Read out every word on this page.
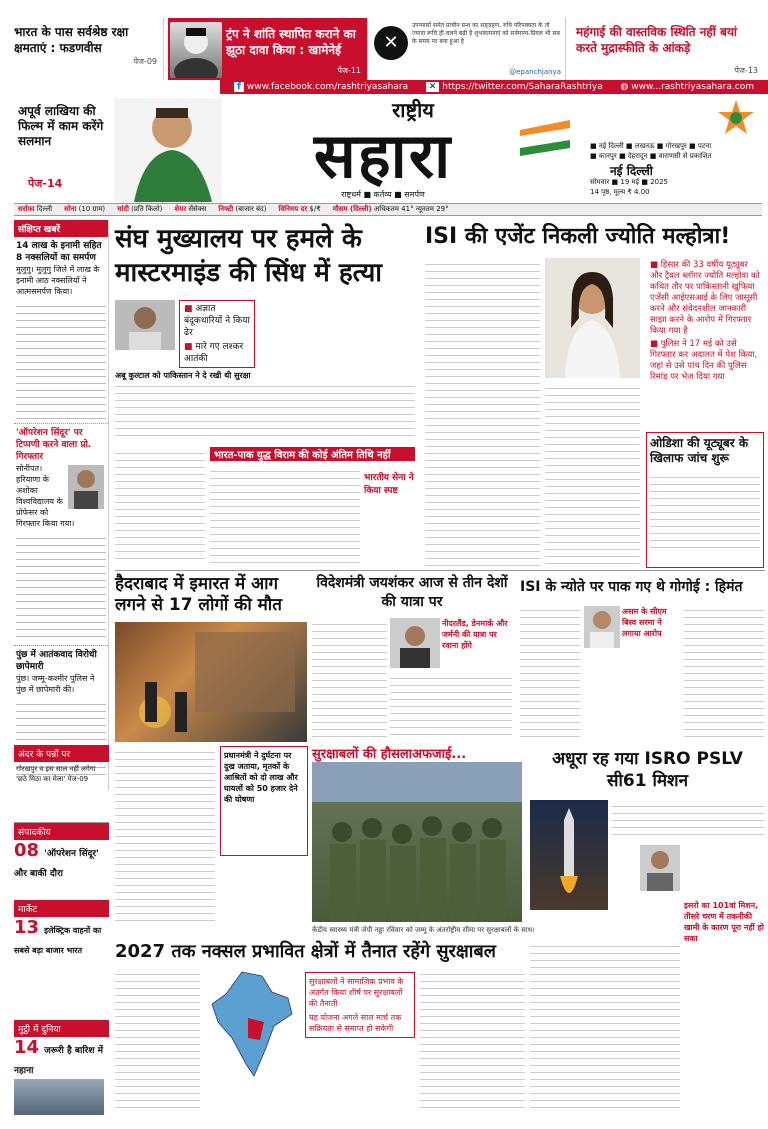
भारत के पास सर्वश्रेष्ठ रक्षा क्षमताएं : फडणवीस
पेज-09
ट्रंप ने शांति स्थापित कराने का झूठा दावा किया : खामेनेई
पेज-11
✕
उपन्यासों समेत प्राचीन ग्रन्थ का सङ्ग्रहण, रुचि परिपक्वता के तो ज्यादा रूचि ही चलने बढ़ी है शुभकामनाएं को सर्वमान्य-प्रियल भी सब के समय पर बना हुआ है
@epanchjanya
महंगाई की वास्तविक स्थिति नहीं बयां करते मुद्रास्फीति के आंकड़े
पेज-13
f www.facebook.com/rashtriyasahara	✕ https://twitter.com/SaharaRashtriya ◍ www...rashtriyasahara.com
अपूर्व लाखिया की फिल्म में काम करेंगे सलमान
पेज-14
राष्ट्रीय
सहारा
राष्ट्रधर्म ■ कर्तव्य ■ समर्पण
■ नई दिल्ली ■ लखनऊ ■ गोरखपुर ■ पटना
■ कानपुर ■ देहरादून ■ वाराणसी से प्रकाशित
नई दिल्ली
सोमवार ■ 19 मई ■ 2025
14 पृष्ठ, मूल्य ₹ 4.00
सर्राफा दिल्ली सोना (10 ग्राम) चांदी (प्रति किलो) शेयर सेंसेक्स निफ्टी (बाजार बंद) विनिमय दर $/₹ मौसम (दिल्ली) अधिकतम 41° न्यूनतम 29°
संक्षिप्त खबरें
14 लाख के इनामी सहित 8 नक्सलियों का समर्पण
मुलुगु। मुलुगु जिले में लाख के इनामी आठ नक्सलियों ने आत्मसमर्पण किया।
'ऑपरेशन सिंदूर' पर टिप्पणी करने वाला प्रो. गिरफ्तार
सोनीपत। हरियाणा के अशोका विश्वविद्यालय के प्रोफेसर को गिरफ्तार किया गया।
पुंछ में आतंकवाद विरोधी छापेमारी
पुंछ। जम्मू-कश्मीर पुलिस ने पुंछ में छापेमारी की।
अंदर के पन्नों पर
गोरखपुर व इस साल नहीं लगेगा 'छठे मिठा का मेला' पेज-09
संपादकीय
08 'ऑपरेशन सिंदूर' और बाकी दौरा
मार्केट
13 इलेक्ट्रिक वाहनों का सबसे बड़ा बाजार भारत
मुट्ठी में दुनिया
14 जरूरी है बारिश में नहाना
संघ मुख्यालय पर हमले के मास्टरमाइंड की सिंध में हत्या

■ अज्ञात बंदूकधारियों ने किया ढेर

■ मारे गए लश्कर आतंकी

अबू कुल्टाल को पाकिस्तान ने दे रखी थी सुरक्षा
भारत-पाक युद्ध विराम की कोई अंतिम तिथि नहीं
भारतीय सेना ने किया स्पष्ट
ISI की एजेंट निकली ज्योति मल्होत्रा!

■ हिसार की 33 वर्षीय यूट्यूबर और ट्रैवल ब्लॉगर ज्योति मल्होत्रा को कथित तौर पर पाकिस्तानी खुफिया एजेंसी आईएसआई के लिए जासूसी करने और संवेदनशील जानकारी साझा करने के आरोप में गिरफ्तार किया गया है

■ पुलिस ने 17 मई को उसे गिरफ्तार कर अदालत में पेश किया, जहां से उसे पांच दिन की पुलिस रिमांड पर भेज दिया गया

ओडिशा की यूट्यूबर के खिलाफ जांच शुरू
हैदराबाद में इमारत में आग लगने से 17 लोगों की मौत
प्रधानमंत्री ने दुर्घटना पर दुख जताया, मृतकों के आश्रितों को दो लाख और घायलों को 50 हजार देने की घोषणा
विदेशमंत्री जयशंकर आज से तीन देशों की यात्रा पर
नीदरलैंड, डेनमार्क और जर्मनी की यात्रा पर रवाना होंगे
ISI के न्योते पर पाक गए थे गोगोई : हिमंत
असम के सीएम बिस्व सरमा ने लगाया आरोप
सुरक्षाबलों की हौसलाअफजाई...
केंद्रीय स्वास्थ्य मंत्री जेपी नड्डा रविवार को जम्मू के अंतर्राष्ट्रीय सीमा पर सुरक्षाबलों के साथ।
अधूरा रह गया ISRO PSLV सी61 मिशन
इसरो का 101वां मिशन, तीसरे चरण में तकनीकी खामी के कारण पूरा नहीं हो सका
2027 तक नक्सल प्रभावित क्षेत्रों में तैनात रहेंगे सुरक्षाबल

सुरक्षाबलों ने सामाजिक प्रभाव के अंतर्गत किया शीर्ष पर सुरक्षाबलों की तैनाती

यह योजना अगले साल मार्च तक सक्रियता से समाप्त हो सकेगी
